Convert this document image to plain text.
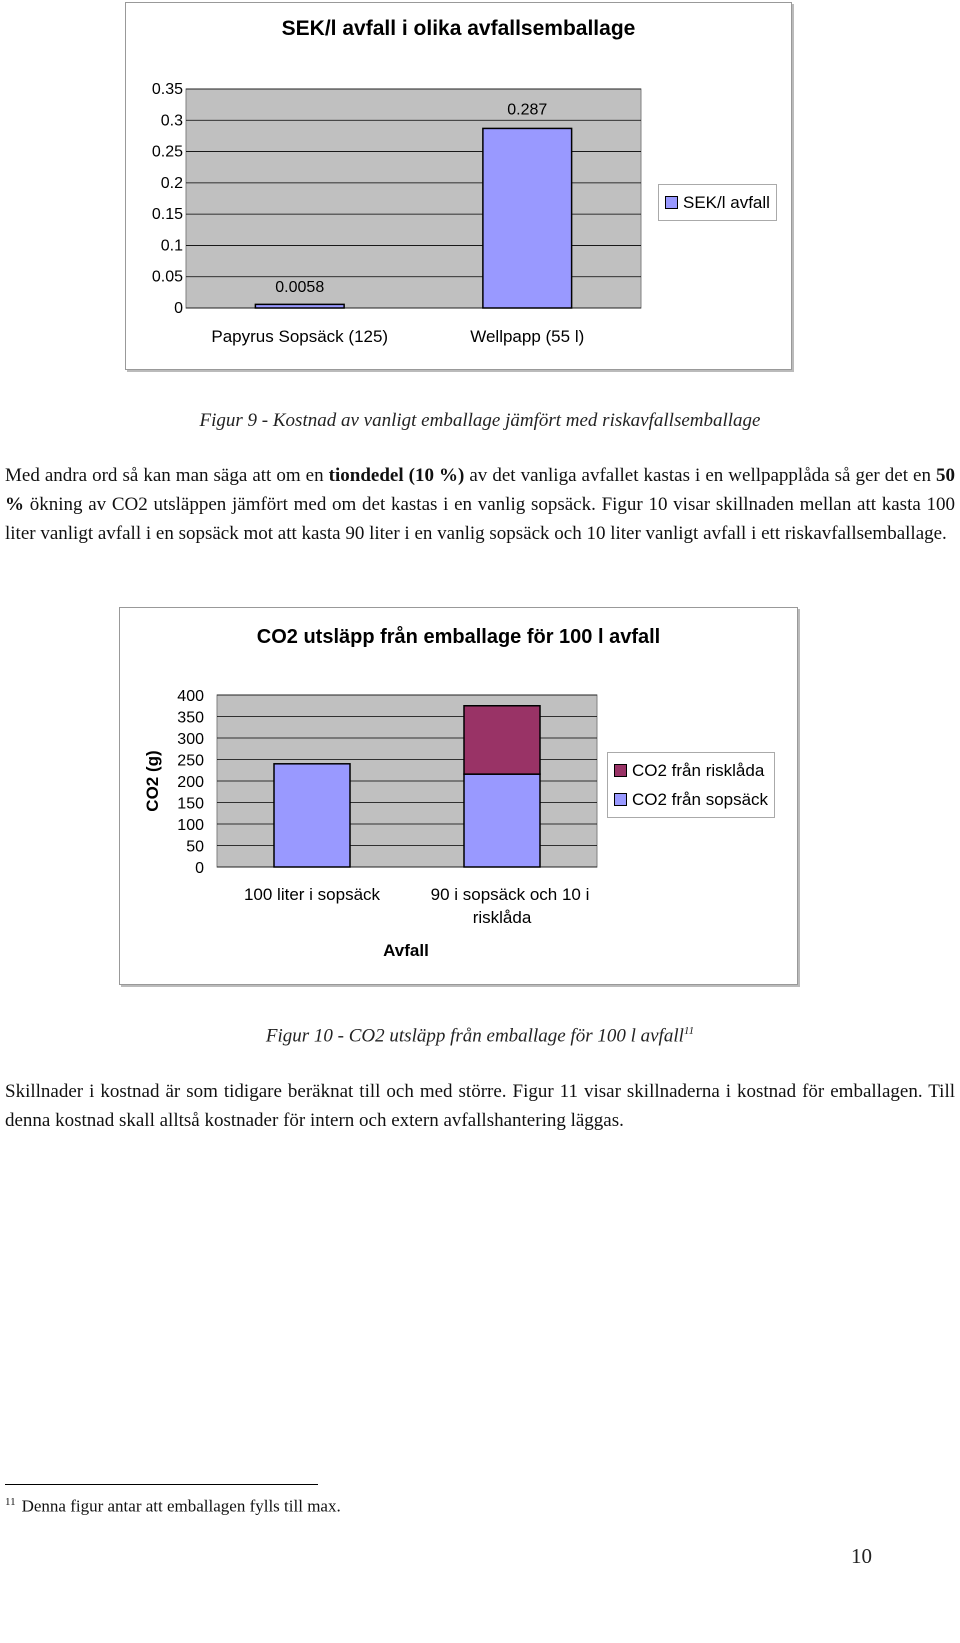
SEK/l avfall i olika avfallsemballage
0
0.05
0.1
0.15
0.2
0.25
0.3
0.35
0.0058
Papyrus Sopsäck (125)
0.287
Wellpapp (55 l)
SEK/l avfall
Figur 9 - Kostnad av vanligt emballage jämfört med riskavfallsemballage
Med andra ord så kan man säga att om en tiondedel (10 %) av det vanliga avfallet kastas i en wellpapplåda så ger det en 50 % ökning av CO2 utsläppen jämfört med om det kastas i en vanlig sopsäck. Figur 10 visar skillnaden mellan att kasta 100 liter vanligt avfall i en sopsäck mot att kasta 90 liter i en vanlig sopsäck och 10 liter vanligt avfall i ett riskavfallsemballage.
CO2 utsläpp från emballage för 100 l avfall
0
50
100
150
200
250
300
350
400
100 liter i sopsäck	90 i sopsäck och 10 i
risklåda
Avfall
CO2 (g)	CO2 från risklåda
CO2 från sopsäck
Figur 10 - CO2 utsläpp från emballage för 100 l avfall$^{11}$
Skillnader i kostnad är som tidigare beräknat till och med större. Figur 11 visar skillnaderna i kostnad för emballagen. Till denna kostnad skall alltså kostnader för intern och extern avfallshantering läggas.
$^{11}$ Denna figur antar att emballagen fylls till max.
10
